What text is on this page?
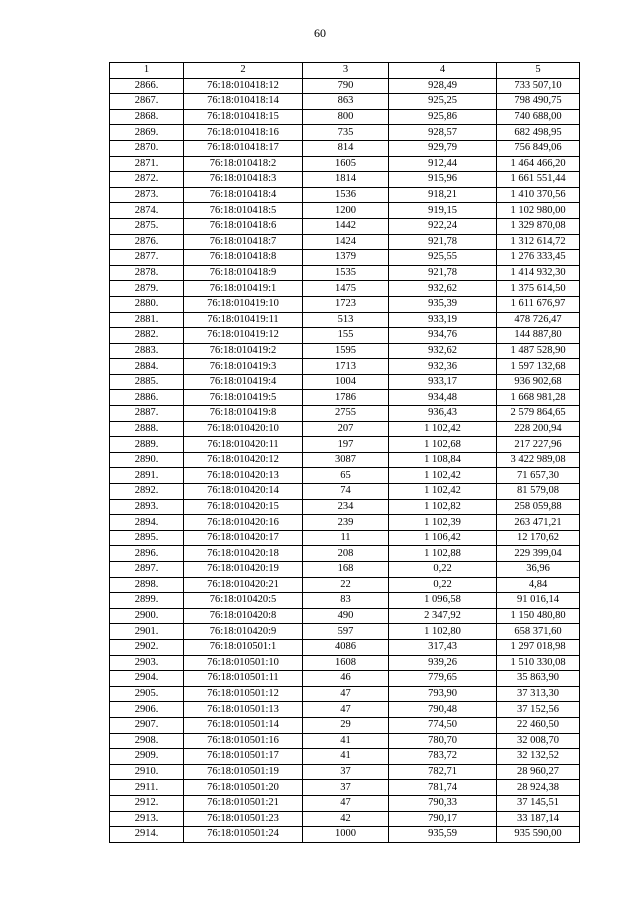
60
1	2	3	4	5
2866.	76:18:010418:12	790	928,49	733 507,10
2867.	76:18:010418:14	863	925,25	798 490,75
2868.	76:18:010418:15	800	925,86	740 688,00
2869.	76:18:010418:16	735	928,57	682 498,95
2870.	76:18:010418:17	814	929,79	756 849,06
2871.	76:18:010418:2	1605	912,44	1 464 466,20
2872.	76:18:010418:3	1814	915,96	1 661 551,44
2873.	76:18:010418:4	1536	918,21	1 410 370,56
2874.	76:18:010418:5	1200	919,15	1 102 980,00
2875.	76:18:010418:6	1442	922,24	1 329 870,08
2876.	76:18:010418:7	1424	921,78	1 312 614,72
2877.	76:18:010418:8	1379	925,55	1 276 333,45
2878.	76:18:010418:9	1535	921,78	1 414 932,30
2879.	76:18:010419:1	1475	932,62	1 375 614,50
2880.	76:18:010419:10	1723	935,39	1 611 676,97
2881.	76:18:010419:11	513	933,19	478 726,47
2882.	76:18:010419:12	155	934,76	144 887,80
2883.	76:18:010419:2	1595	932,62	1 487 528,90
2884.	76:18:010419:3	1713	932,36	1 597 132,68
2885.	76:18:010419:4	1004	933,17	936 902,68
2886.	76:18:010419:5	1786	934,48	1 668 981,28
2887.	76:18:010419:8	2755	936,43	2 579 864,65
2888.	76:18:010420:10	207	1 102,42	228 200,94
2889.	76:18:010420:11	197	1 102,68	217 227,96
2890.	76:18:010420:12	3087	1 108,84	3 422 989,08
2891.	76:18:010420:13	65	1 102,42	71 657,30
2892.	76:18:010420:14	74	1 102,42	81 579,08
2893.	76:18:010420:15	234	1 102,82	258 059,88
2894.	76:18:010420:16	239	1 102,39	263 471,21
2895.	76:18:010420:17	11	1 106,42	12 170,62
2896.	76:18:010420:18	208	1 102,88	229 399,04
2897.	76:18:010420:19	168	0,22	36,96
2898.	76:18:010420:21	22	0,22	4,84
2899.	76:18:010420:5	83	1 096,58	91 016,14
2900.	76:18:010420:8	490	2 347,92	1 150 480,80
2901.	76:18:010420:9	597	1 102,80	658 371,60
2902.	76:18:010501:1	4086	317,43	1 297 018,98
2903.	76:18:010501:10	1608	939,26	1 510 330,08
2904.	76:18:010501:11	46	779,65	35 863,90
2905.	76:18:010501:12	47	793,90	37 313,30
2906.	76:18:010501:13	47	790,48	37 152,56
2907.	76:18:010501:14	29	774,50	22 460,50
2908.	76:18:010501:16	41	780,70	32 008,70
2909.	76:18:010501:17	41	783,72	32 132,52
2910.	76:18:010501:19	37	782,71	28 960,27
2911.	76:18:010501:20	37	781,74	28 924,38
2912.	76:18:010501:21	47	790,33	37 145,51
2913.	76:18:010501:23	42	790,17	33 187,14
2914.	76:18:010501:24	1000	935,59	935 590,00
